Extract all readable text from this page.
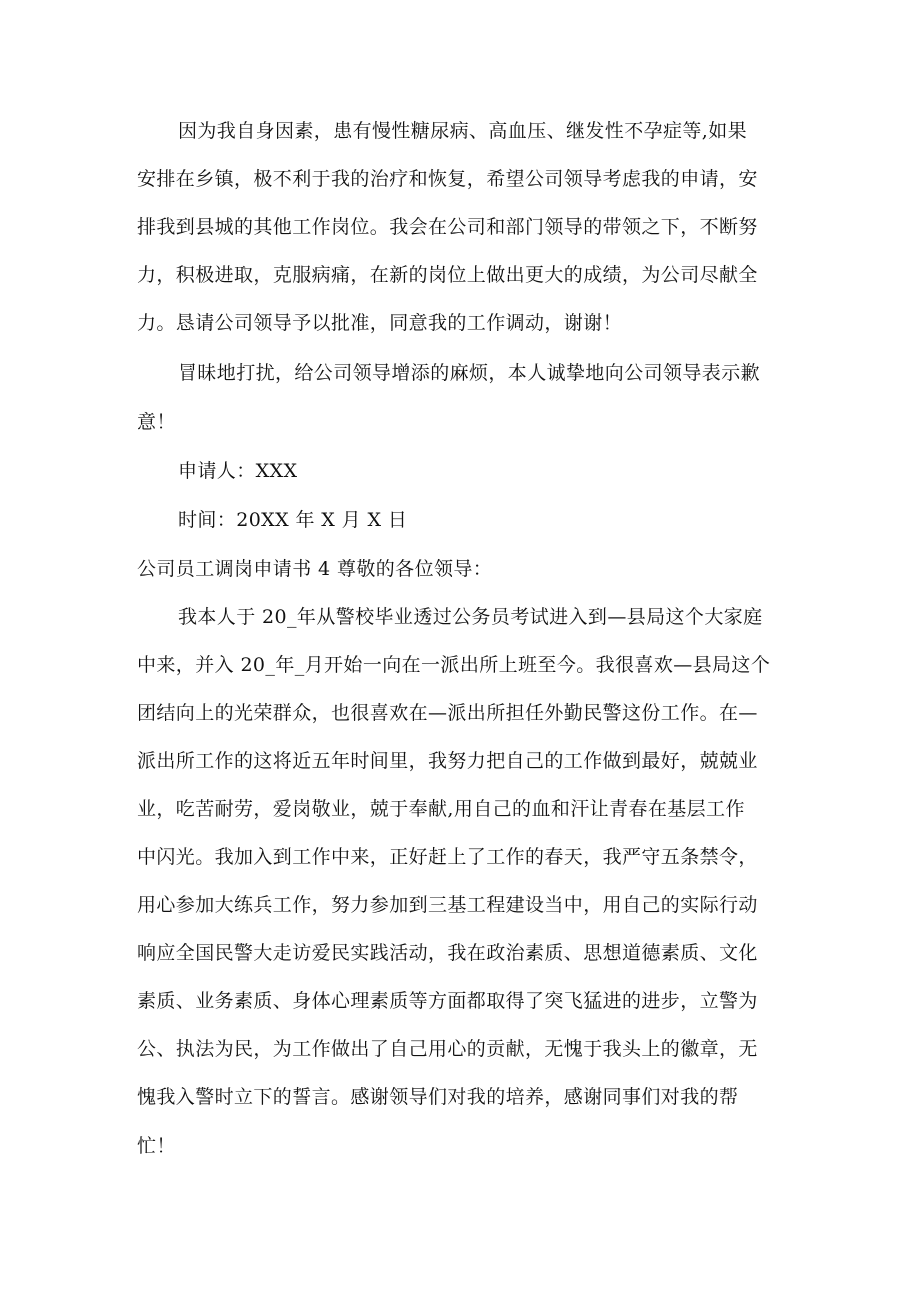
因为我自身因素，患有慢性糖尿病、高血压、继发性不孕症等,如果
安排在乡镇，极不利于我的治疗和恢复，希望公司领导考虑我的申请，安
排我到县城的其他工作岗位。我会在公司和部门领导的带领之下，不断努
力，积极进取，克服病痛，在新的岗位上做出更大的成绩，为公司尽献全
力。恳请公司领导予以批准，同意我的工作调动，谢谢！
冒昧地打扰，给公司领导增添的麻烦，本人诚挚地向公司领导表示歉
意！
申请人：XXX
时间：20XX 年 X 月 X 日
公司员工调岗申请书 4 尊敬的各位领导：
我本人于 20_年从警校毕业透过公务员考试进入到—县局这个大家庭
中来，并入 20_年_月开始一向在一派出所上班至今。我很喜欢—县局这个
团结向上的光荣群众，也很喜欢在—派出所担任外勤民警这份工作。在—
派出所工作的这将近五年时间里，我努力把自己的工作做到最好，兢兢业
业，吃苦耐劳，爱岗敬业，兢于奉献,用自己的血和汗让青春在基层工作
中闪光。我加入到工作中来，正好赶上了工作的春天，我严守五条禁令，
用心参加大练兵工作，努力参加到三基工程建设当中，用自己的实际行动
响应全国民警大走访爱民实践活动，我在政治素质、思想道德素质、文化
素质、业务素质、身体心理素质等方面都取得了突飞猛进的进步，立警为
公、执法为民，为工作做出了自己用心的贡献，无愧于我头上的徽章，无
愧我入警时立下的誓言。感谢领导们对我的培养，感谢同事们对我的帮
忙！
